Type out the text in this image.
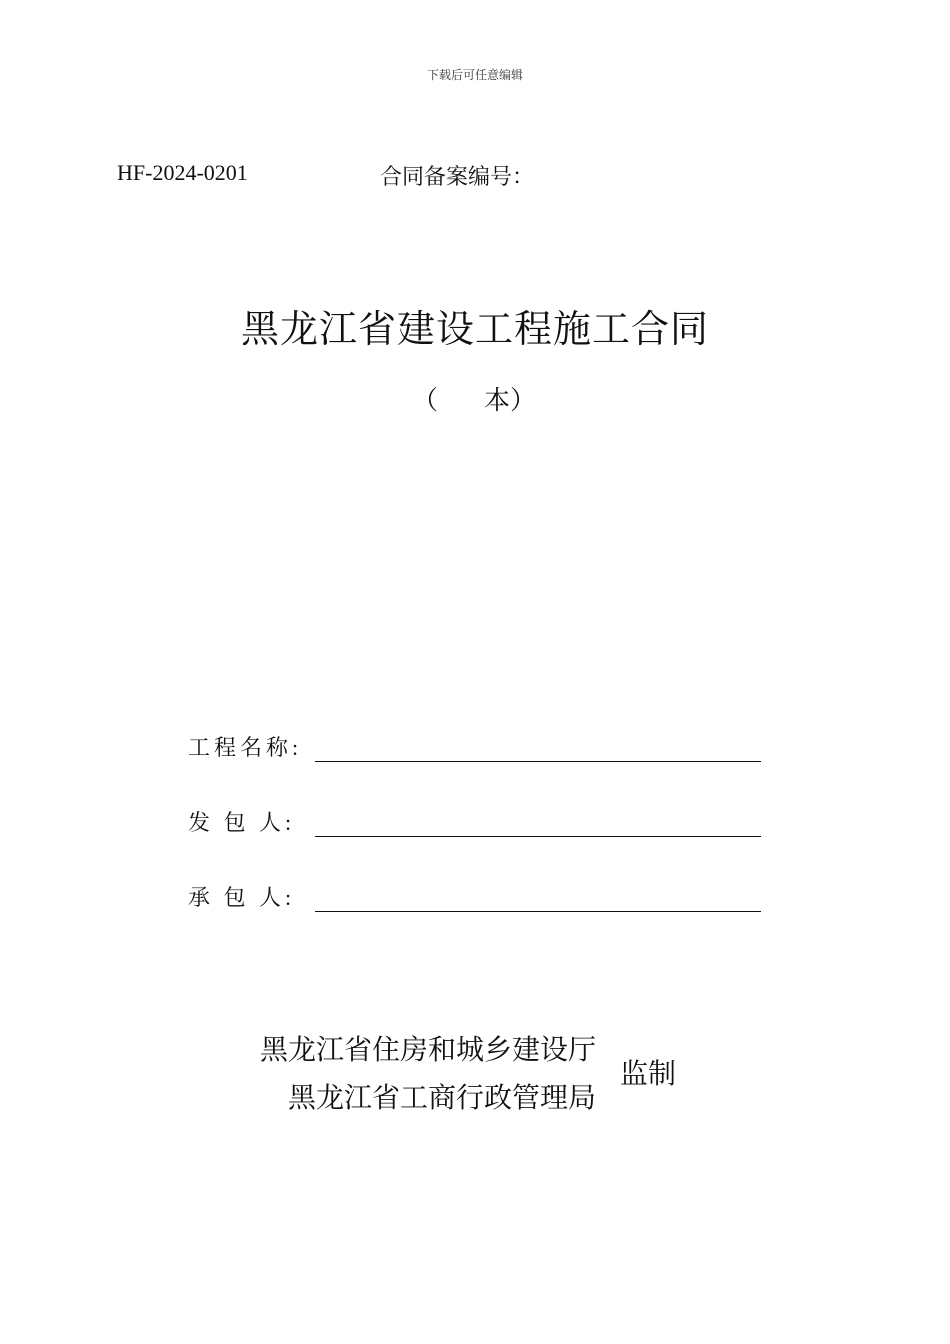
下载后可任意编辑
HF-2024-0201	合同备案编号：
黑龙江省建设工程施工合同
（ 本）
工程名称:
发 包 人:
承 包 人:
黑龙江省住房和城乡建设厅
黑龙江省工商行政管理局
监制
